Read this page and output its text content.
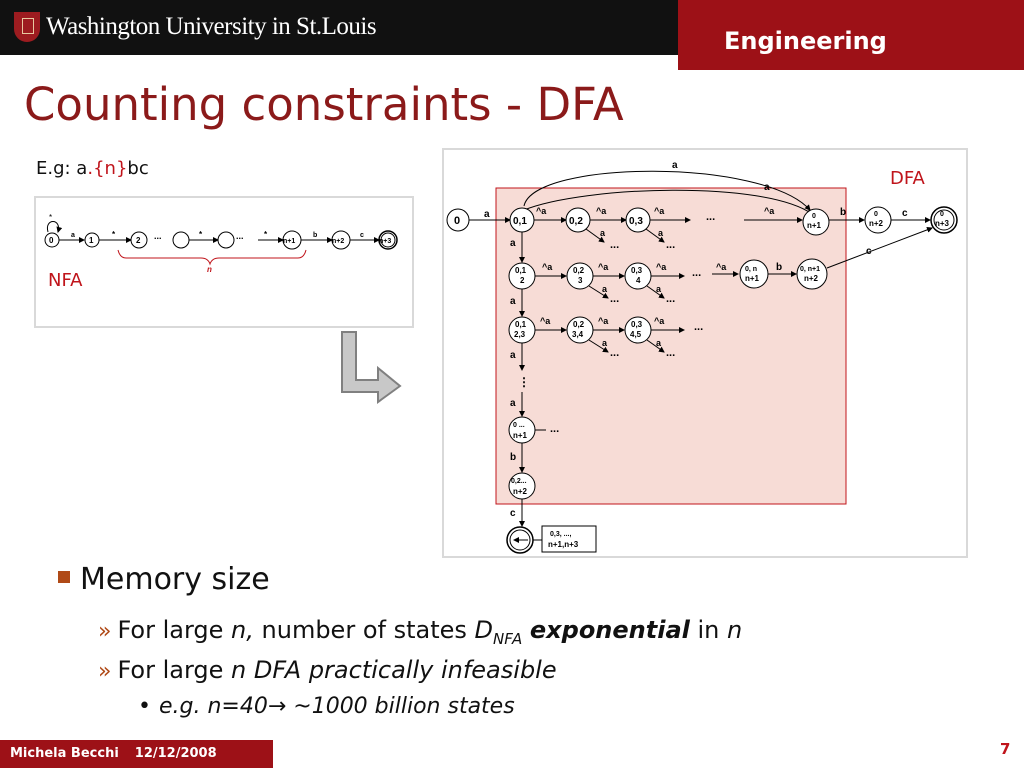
Washington University in St.Louis
Engineering
Counting constraints - DFA
E.g: a.{n}bc
*
0
a
1
*
2 ...	*	...	*
n+1
b
n+2
c
n+3
n
NFA
a
a
0
a
0,1
^a
0,2
^a
0,3
^a	...	^a
0
n+1
b	0
n+2
c	0
n+3
a
...
a
...
a
0,1
2
^a	0,2
3
^a	0,3
4
^a ... ^a	0, n
n+1
b	0, n+1
n+2
c
a
...
a
...
a
0,1
2,3
^a	0,2
3,4
^a	0,3
4,5
^a	...
a
...
a
...
a
⋮
a
0 ...
n+1
...
b
0,2...
n+2
c
0,3, ...,
n+1,n+3
DFA
Memory size
» For large n, number of states $D_{NFA}$ exponential in n
» For large n DFA practically infeasible
• e.g. n=40→ ~1000 billion states
Michela Becchi 12/12/2008	7
